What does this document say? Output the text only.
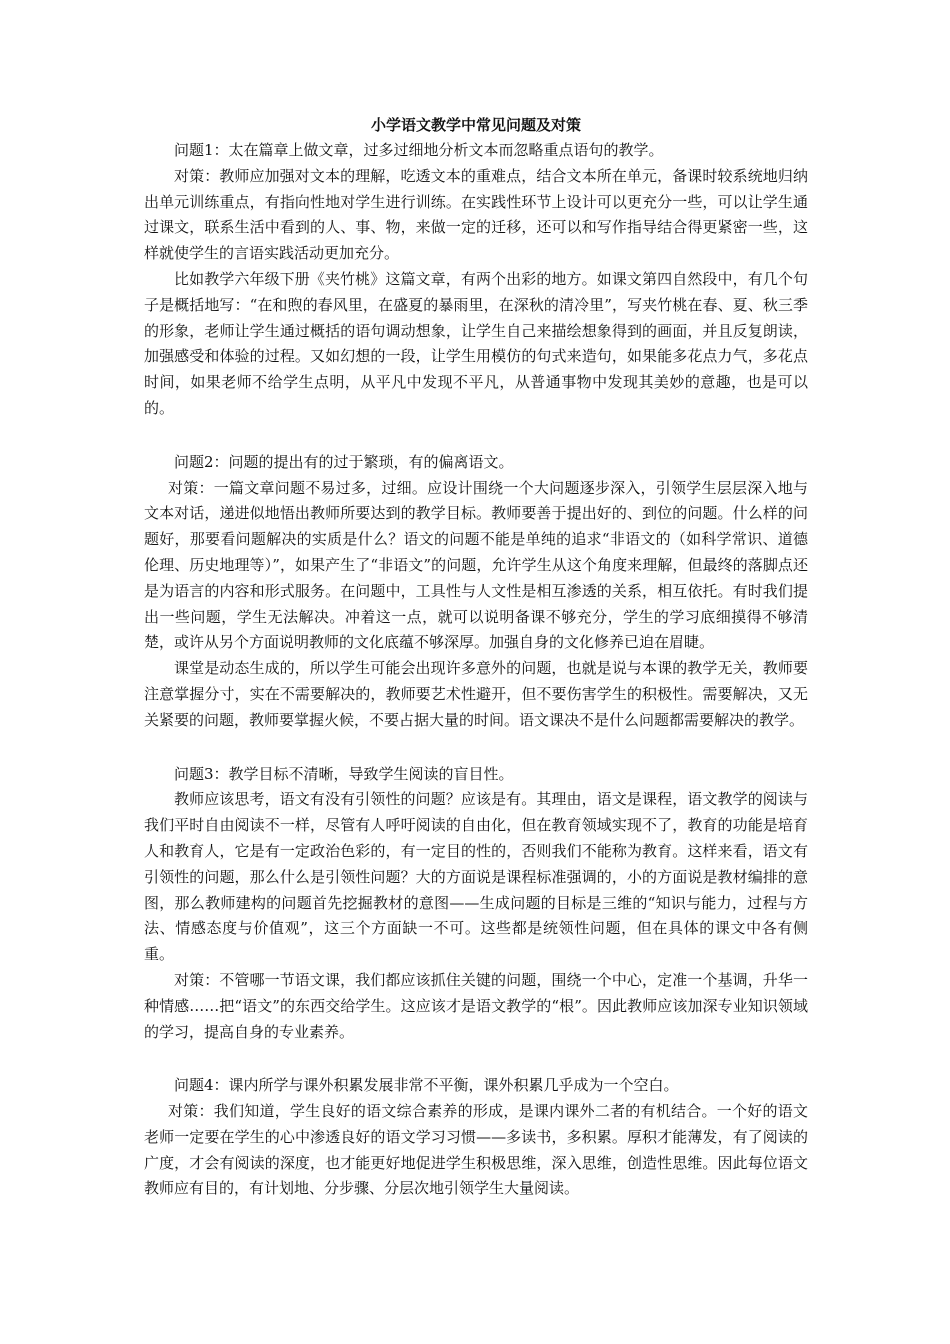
小学语文教学中常见问题及对策

问题1：太在篇章上做文章，过多过细地分析文本而忽略重点语句的教学。

对策：教师应加强对文本的理解，吃透文本的重难点，结合文本所在单元，备课时较系统地归纳出单元训练重点，有指向性地对学生进行训练。在实践性环节上设计可以更充分一些，可以让学生通过课文，联系生活中看到的人、事、物，来做一定的迁移，还可以和写作指导结合得更紧密一些，这样就使学生的言语实践活动更加充分。

比如教学六年级下册《夹竹桃》这篇文章，有两个出彩的地方。如课文第四自然段中，有几个句子是概括地写：“在和煦的春风里，在盛夏的暴雨里，在深秋的清冷里”，写夹竹桃在春、夏、秋三季的形象，老师让学生通过概括的语句调动想象，让学生自己来描绘想象得到的画面，并且反复朗读，加强感受和体验的过程。又如幻想的一段，让学生用模仿的句式来造句，如果能多花点力气，多花点时间，如果老师不给学生点明，从平凡中发现不平凡，从普通事物中发现其美妙的意趣，也是可以的。

问题2：问题的提出有的过于繁琐，有的偏离语文。

对策：一篇文章问题不易过多，过细。应设计围绕一个大问题逐步深入，引领学生层层深入地与文本对话，递进似地悟出教师所要达到的教学目标。教师要善于提出好的、到位的问题。什么样的问题好，那要看问题解决的实质是什么？语文的问题不能是单纯的追求“非语文的（如科学常识、道德伦理、历史地理等）”，如果产生了“非语文”的问题，允许学生从这个角度来理解，但最终的落脚点还是为语言的内容和形式服务。在问题中，工具性与人文性是相互渗透的关系，相互依托。有时我们提出一些问题，学生无法解决。冲着这一点，就可以说明备课不够充分，学生的学习底细摸得不够清楚，或许从另个方面说明教师的文化底蕴不够深厚。加强自身的文化修养已迫在眉睫。

课堂是动态生成的，所以学生可能会出现许多意外的问题，也就是说与本课的教学无关，教师要注意掌握分寸，实在不需要解决的，教师要艺术性避开，但不要伤害学生的积极性。需要解决，又无关紧要的问题，教师要掌握火候，不要占据大量的时间。语文课决不是什么问题都需要解决的教学。

问题3：教学目标不清晰，导致学生阅读的盲目性。

教师应该思考，语文有没有引领性的问题？应该是有。其理由，语文是课程，语文教学的阅读与我们平时自由阅读不一样，尽管有人呼吁阅读的自由化，但在教育领域实现不了，教育的功能是培育人和教育人，它是有一定政治色彩的，有一定目的性的，否则我们不能称为教育。这样来看，语文有引领性的问题，那么什么是引领性问题？大的方面说是课程标准强调的，小的方面说是教材编排的意图，那么教师建构的问题首先挖掘教材的意图——生成问题的目标是三维的“知识与能力，过程与方法、情感态度与价值观”，这三个方面缺一不可。这些都是统领性问题，但在具体的课文中各有侧重。

对策：不管哪一节语文课，我们都应该抓住关键的问题，围绕一个中心，定准一个基调，升华一种情感……把“语文”的东西交给学生。这应该才是语文教学的“根”。因此教师应该加深专业知识领域的学习，提高自身的专业素养。

问题4：课内所学与课外积累发展非常不平衡，课外积累几乎成为一个空白。

对策：我们知道，学生良好的语文综合素养的形成，是课内课外二者的有机结合。一个好的语文老师一定要在学生的心中渗透良好的语文学习习惯——多读书，多积累。厚积才能薄发，有了阅读的广度，才会有阅读的深度，也才能更好地促进学生积极思维，深入思维，创造性思维。因此每位语文教师应有目的，有计划地、分步骤、分层次地引领学生大量阅读。
